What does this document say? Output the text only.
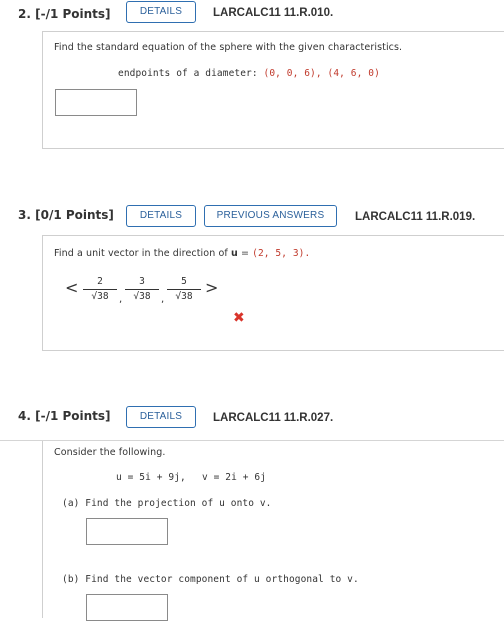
2. [-/1 Points]	DETAILS	LARCALC11 11.R.010.
Find the standard equation of the sphere with the given characteristics.
endpoints of a diameter: (0, 0, 6), (4, 6, 0)
3. [0/1 Points]	DETAILS	PREVIOUS ANSWERS	LARCALC11 11.R.019.
Find a unit vector in the direction of u = (2, 5, 3).
<	2
√38	,
3
√38	,
5
√38 >
✖
4. [-/1 Points]	DETAILS	LARCALC11 11.R.027.
Consider the following.
u = 5i + 9j, v = 2i + 6j
(a) Find the projection of u onto v.
(b) Find the vector component of u orthogonal to v.
